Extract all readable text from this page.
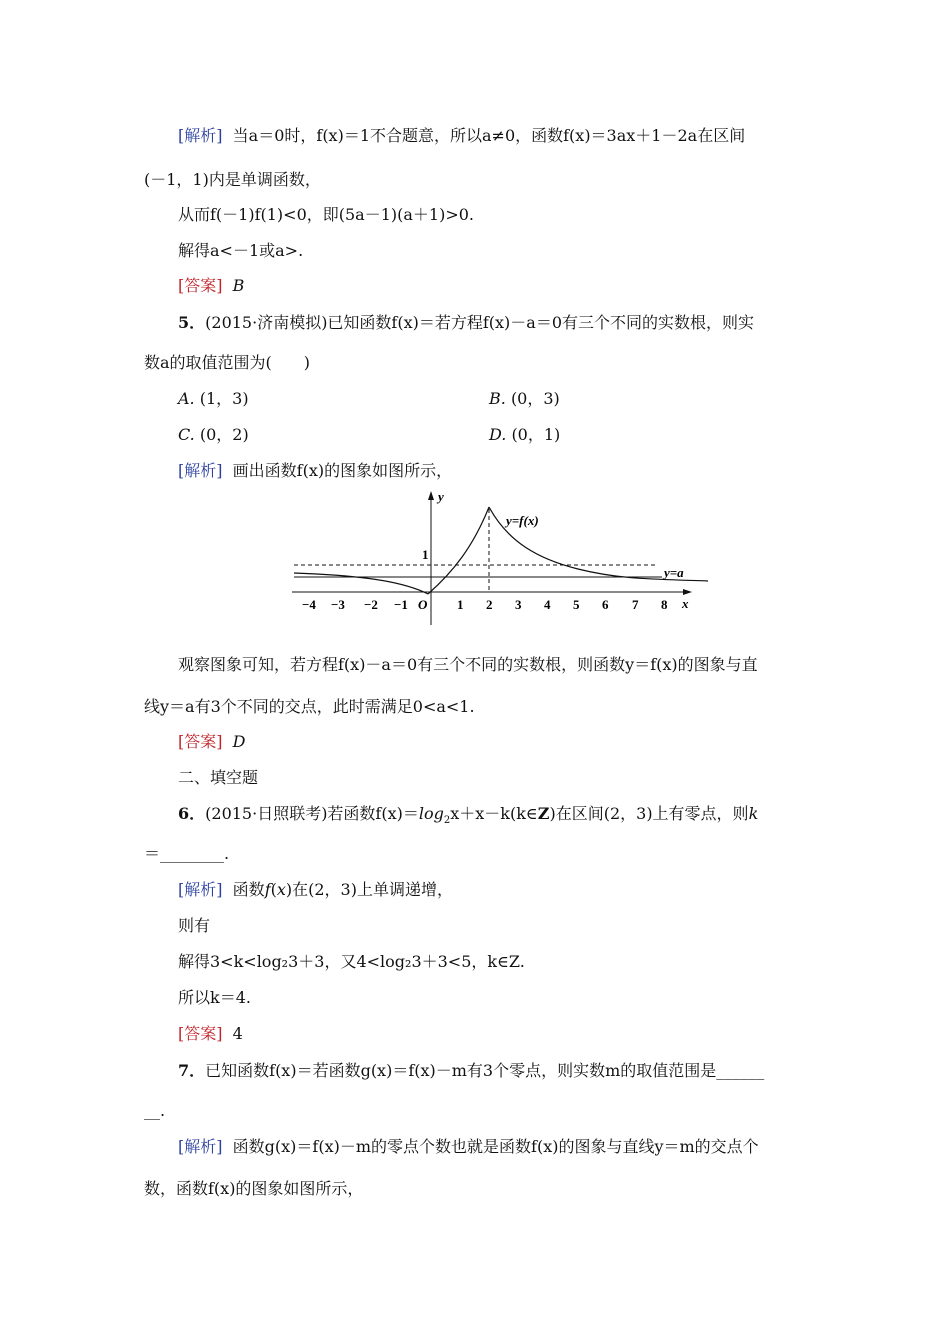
[解析] 当a＝0时，f(x)＝1不合题意，所以a≠0，函数f(x)＝3ax＋1－2a在区间
(－1，1)内是单调函数，
从而f(－1)f(1)<0，即(5a－1)(a＋1)>0.
解得a<－1或a>.
[答案] B
5．(2015·济南模拟)已知函数f(x)＝若方程f(x)－a＝0有三个不同的实数根，则实
数a的取值范围为(　　)
A. (1，3)	B. (0，3)
C. (0，2)	D. (0，1)
[解析] 画出函数f(x)的图象如图所示，
y
x
O
1
y=f(x)
y=a
−4 −3 −2 −1	1 2 3 4 5 6 7 8
观察图象可知，若方程f(x)－a＝0有三个不同的实数根，则函数y＝f(x)的图象与直
线y＝a有3个不同的交点，此时需满足0<a<1.
[答案] D
二、填空题
6．(2015·日照联考)若函数$f(x)=\log_2x+x-k(k\in Z)$在区间(2，3)上有零点，则k
＝________.
[解析] 函数f(x)在(2，3)上单调递增，
则有
解得3<k<log₂3＋3，又4<log₂3＋3<5，k∈Z.
所以k＝4.
[答案] 4
7．已知函数f(x)＝若函数g(x)＝f(x)－m有3个零点，则实数m的取值范围是______
__.
[解析] 函数g(x)＝f(x)－m的零点个数也就是函数f(x)的图象与直线y＝m的交点个
数，函数f(x)的图象如图所示，
